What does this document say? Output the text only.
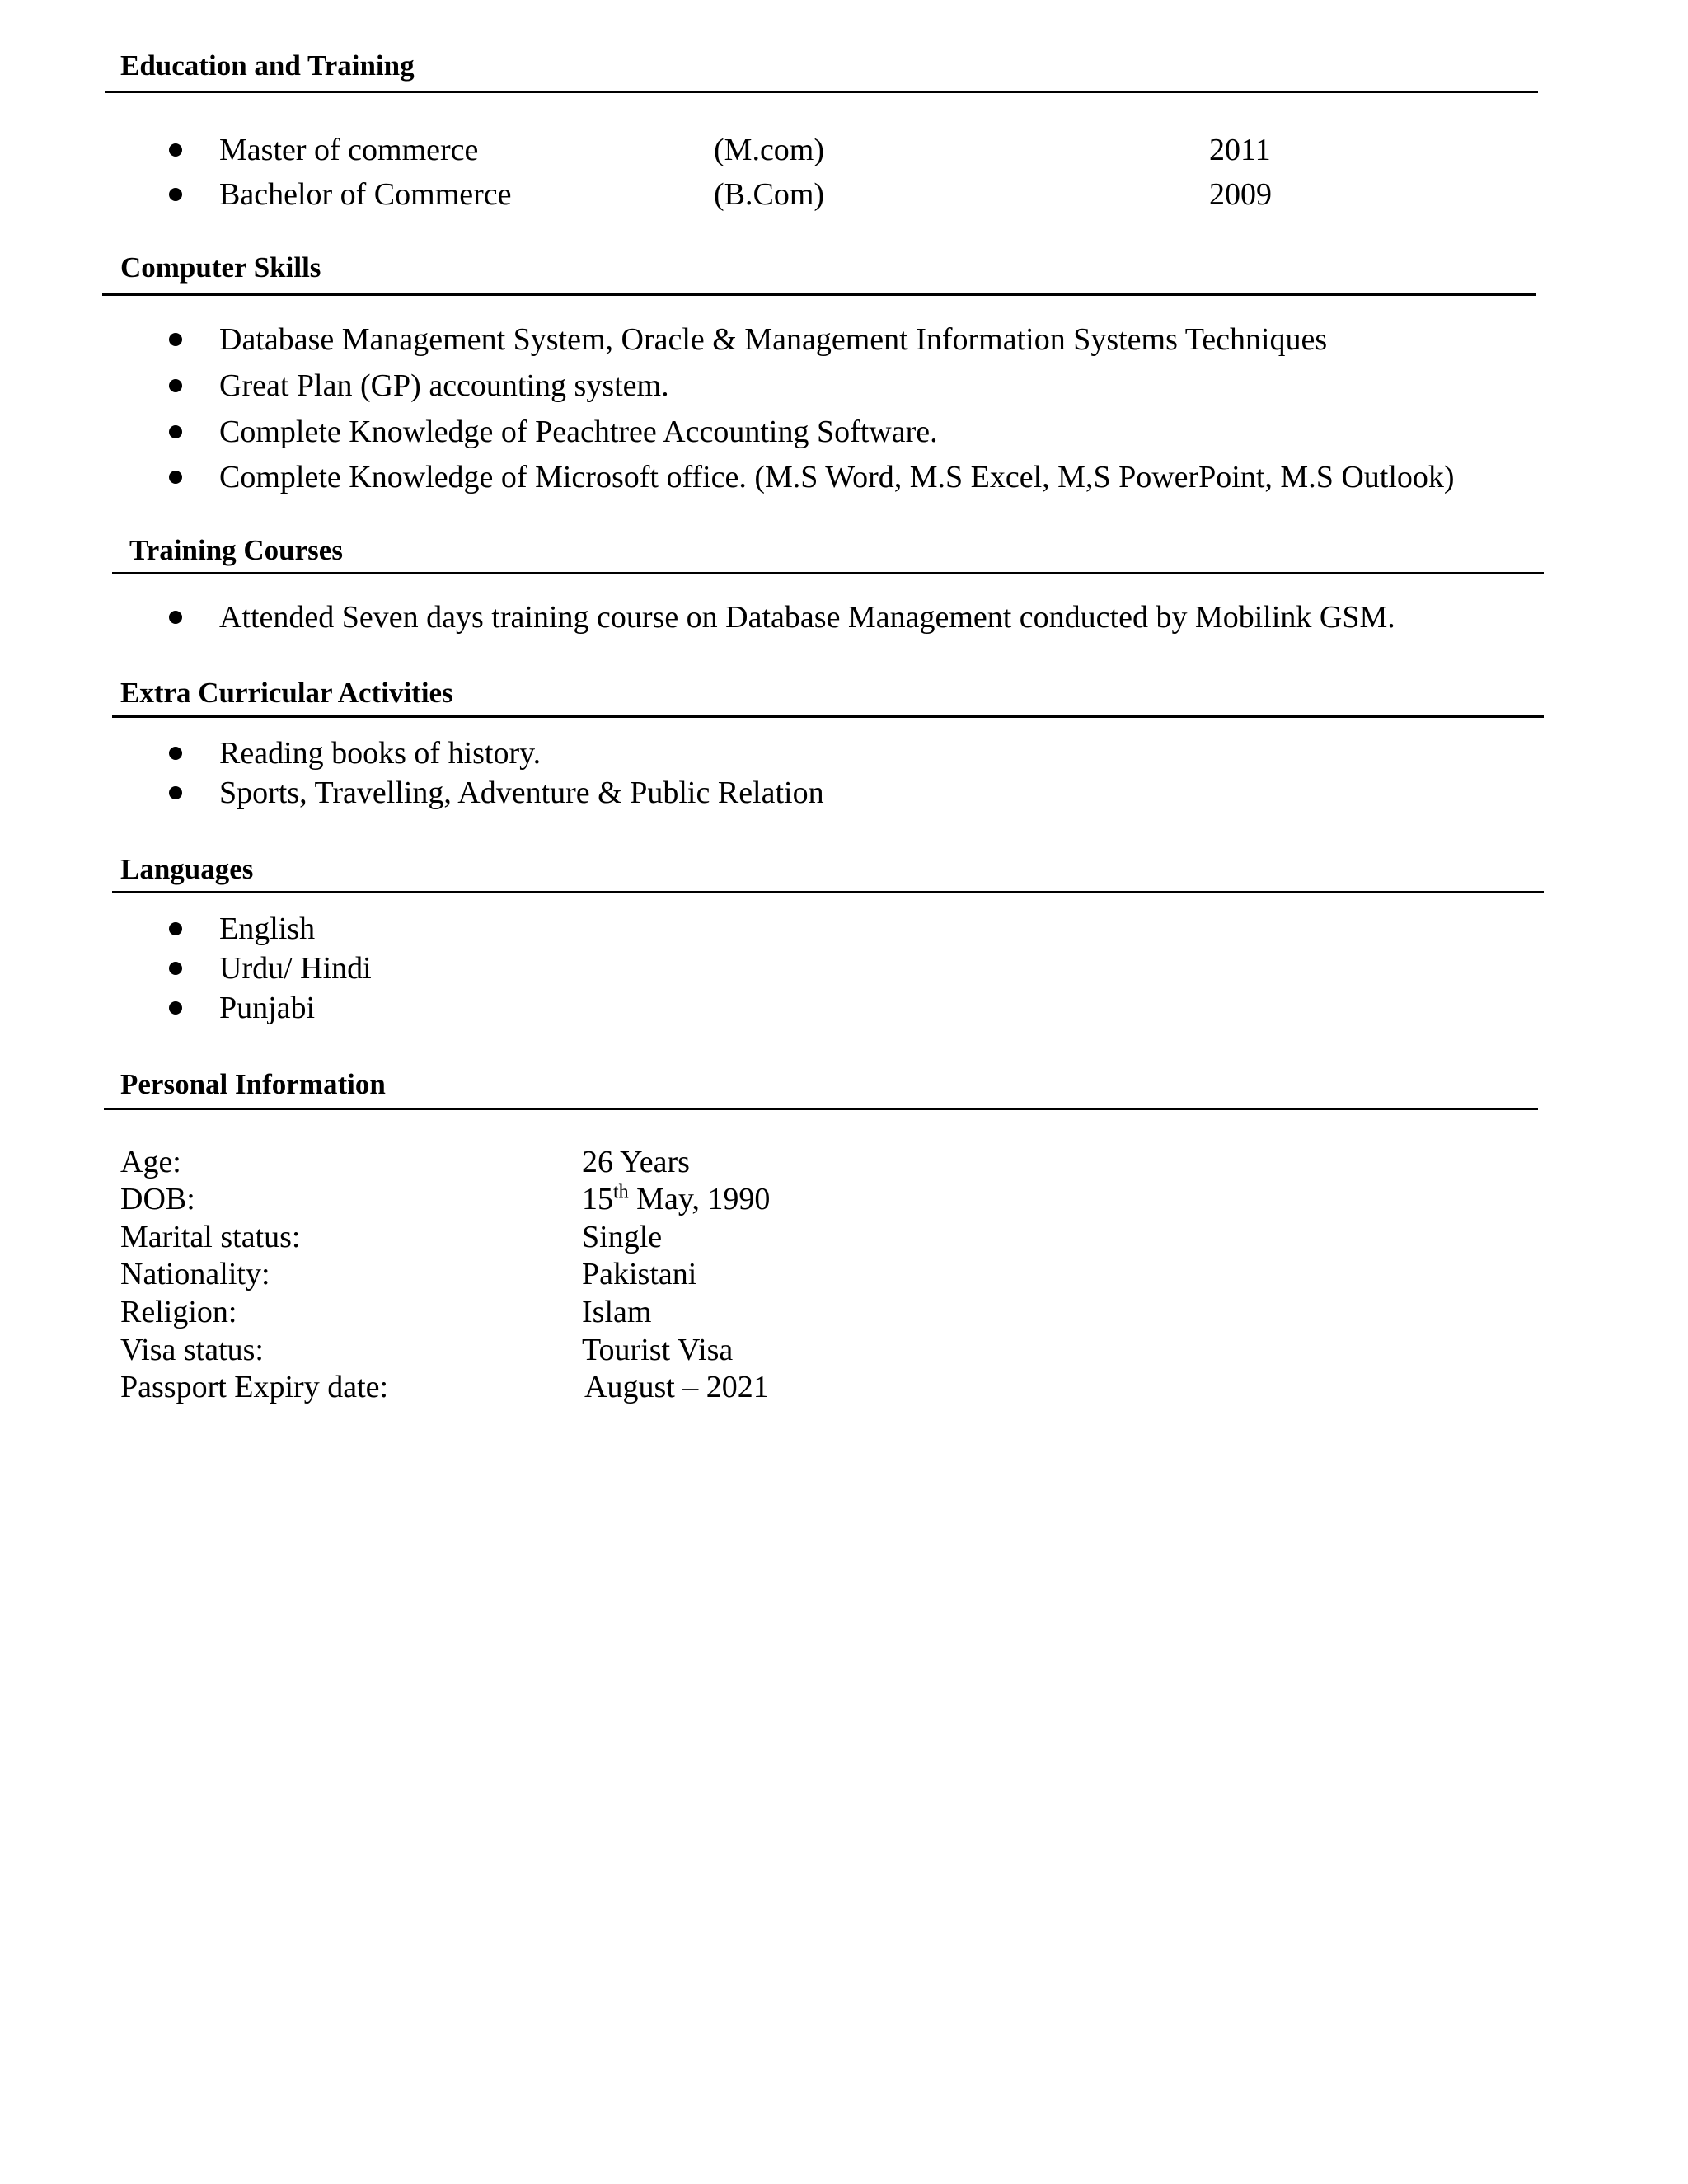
Education and Training
Master of commerce	(M.com)	2011
Bachelor of Commerce	(B.Com)	2009
Computer Skills
Database Management System, Oracle & Management Information Systems Techniques
Great Plan (GP) accounting system.
Complete Knowledge of Peachtree Accounting Software.
Complete Knowledge of Microsoft office. (M.S Word, M.S Excel, M,S PowerPoint, M.S Outlook)
Training Courses
Attended Seven days training course on Database Management conducted by Mobilink GSM.
Extra Curricular Activities
Reading books of history.
Sports, Travelling, Adventure & Public Relation
Languages
English
Urdu/ Hindi
Punjabi
Personal Information
Age:	26 Years
DOB:	15th May, 1990
Marital status:	Single
Nationality:	Pakistani
Religion:	Islam
Visa status:	Tourist Visa
Passport Expiry date:	August – 2021
